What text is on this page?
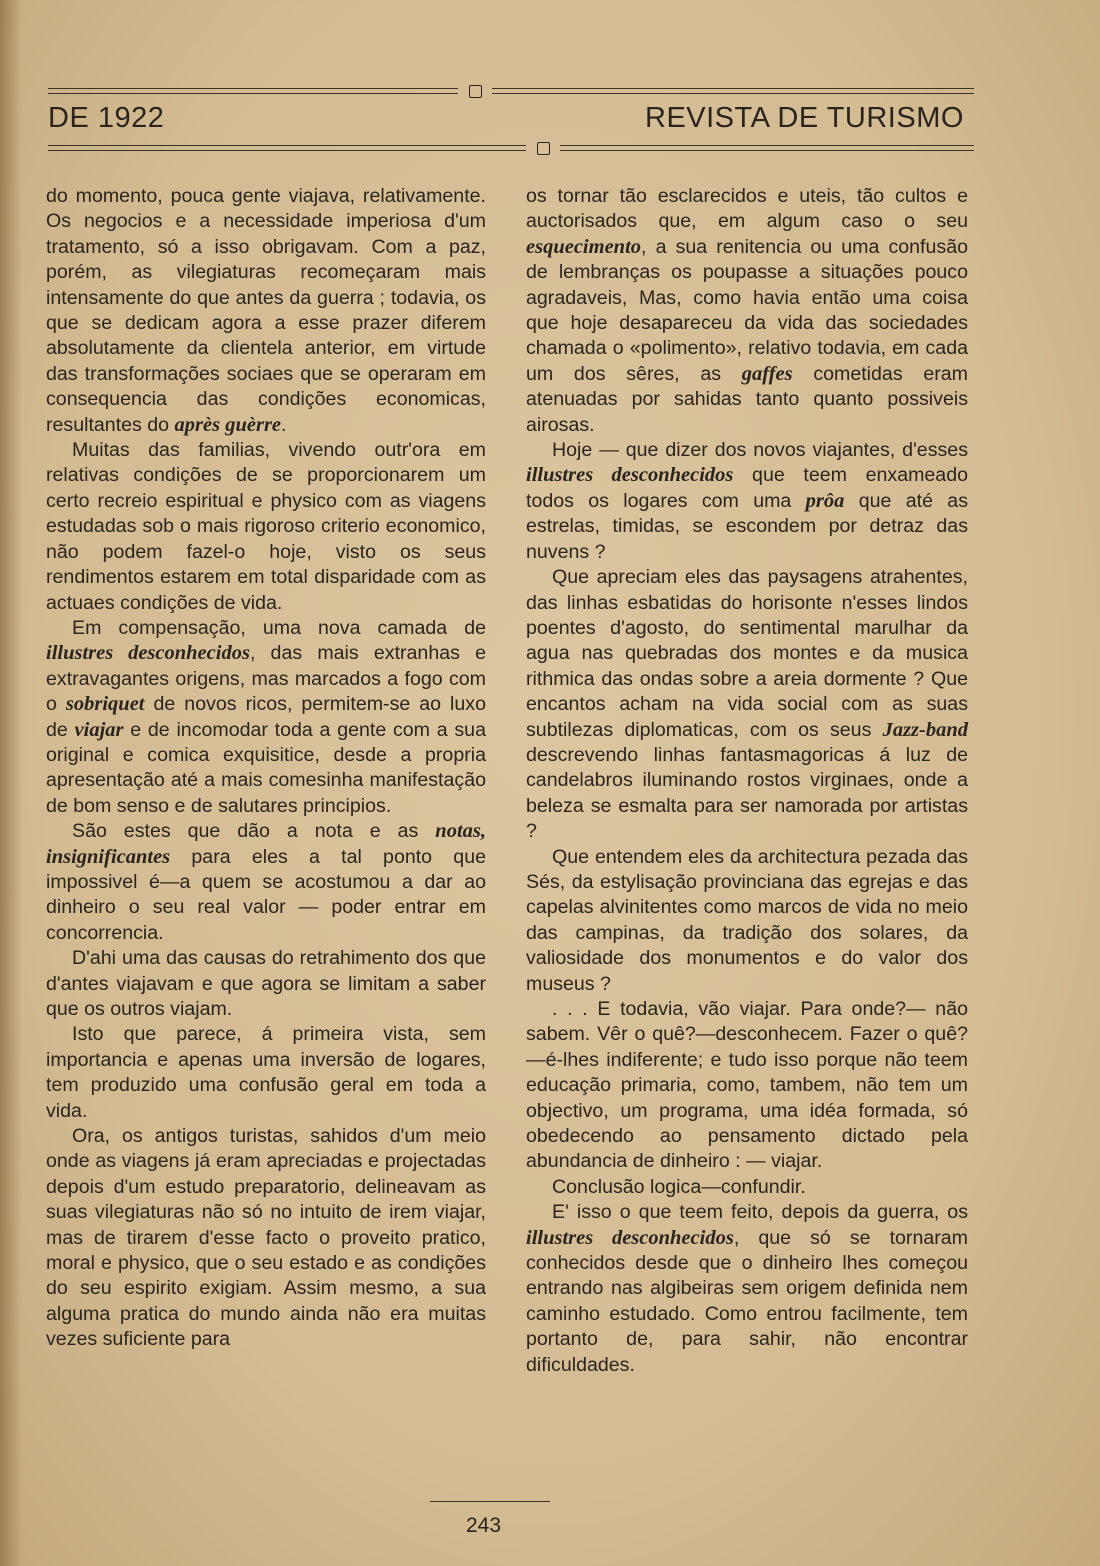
DE 1922	REVISTA DE TURISMO

do momento, pouca gente viajava, relativamente. Os negocios e a necessidade imperiosa d'um tratamento, só a isso obrigavam. Com a paz, porém, as vilegiaturas recomeçaram mais intensamente do que antes da guerra ; todavia, os que se dedicam agora a esse prazer diferem absolutamente da clientela anterior, em virtude das transformações sociaes que se operaram em consequencia das condições economicas, resultantes do après guèrre.

Muitas das familias, vivendo outr'ora em relativas condições de se proporcionarem um certo recreio espiritual e physico com as viagens estudadas sob o mais rigoroso criterio economico, não podem fazel-o hoje, visto os seus rendimentos estarem em total disparidade com as actuaes condições de vida.

Em compensação, uma nova camada de illustres desconhecidos, das mais extranhas e extravagantes origens, mas marcados a fogo com o sobriquet de novos ricos, permitem-se ao luxo de viajar e de incomodar toda a gente com a sua original e comica exquisitice, desde a propria apresentação até a mais comesinha manifestação de bom senso e de salutares principios.

São estes que dão a nota e as notas, insignificantes para eles a tal ponto que impossivel é—a quem se acostumou a dar ao dinheiro o seu real valor — poder entrar em concorrencia.

D'ahi uma das causas do retrahimento dos que d'antes viajavam e que agora se limitam a saber que os outros viajam.

Isto que parece, á primeira vista, sem importancia e apenas uma inversão de logares, tem produzido uma confusão geral em toda a vida.

Ora, os antigos turistas, sahidos d'um meio onde as viagens já eram apreciadas e projectadas depois d'um estudo preparatorio, delineavam as suas vilegiaturas não só no intuito de irem viajar, mas de tirarem d'esse facto o proveito pratico, moral e physico, que o seu estado e as condições do seu espirito exigiam. Assim mesmo, a sua alguma pratica do mundo ainda não era muitas vezes suficiente para

os tornar tão esclarecidos e uteis, tão cultos e auctorisados que, em algum caso o seu esquecimento, a sua renitencia ou uma confusão de lembranças os poupasse a situações pouco agradaveis, Mas, como havia então uma coisa que hoje desapareceu da vida das sociedades chamada o «polimento», relativo todavia, em cada um dos sêres, as gaffes cometidas eram atenuadas por sahidas tanto quanto possiveis airosas.

Hoje — que dizer dos novos viajantes, d'esses illustres desconhecidos que teem enxameado todos os logares com uma prôa que até as estrelas, timidas, se escondem por detraz das nuvens ?

Que apreciam eles das paysagens atrahentes, das linhas esbatidas do horisonte n'esses lindos poentes d'agosto, do sentimental marulhar da agua nas quebradas dos montes e da musica rithmica das ondas sobre a areia dormente ? Que encantos acham na vida social com as suas subtilezas diplomaticas, com os seus Jazz-band descrevendo linhas fantasmagoricas á luz de candelabros iluminando rostos virginaes, onde a beleza se esmalta para ser namorada por artistas ?

Que entendem eles da architectura pezada das Sés, da estylisação provinciana das egrejas e das capelas alvinitentes como marcos de vida no meio das campinas, da tradição dos solares, da valiosidade dos monumentos e do valor dos museus ?

. . . E todavia, vão viajar. Para onde?— não sabem. Vêr o quê?—desconhecem. Fazer o quê?—é-lhes indiferente; e tudo isso porque não teem educação primaria, como, tambem, não tem um objectivo, um programa, uma idéa formada, só obedecendo ao pensamento dictado pela abundancia de dinheiro : — viajar.

Conclusão logica—confundir.

E' isso o que teem feito, depois da guerra, os illustres desconhecidos, que só se tornaram conhecidos desde que o dinheiro lhes começou entrando nas algibeiras sem origem definida nem caminho estudado. Como entrou facilmente, tem portanto de, para sahir, não encontrar dificuldades.

243
